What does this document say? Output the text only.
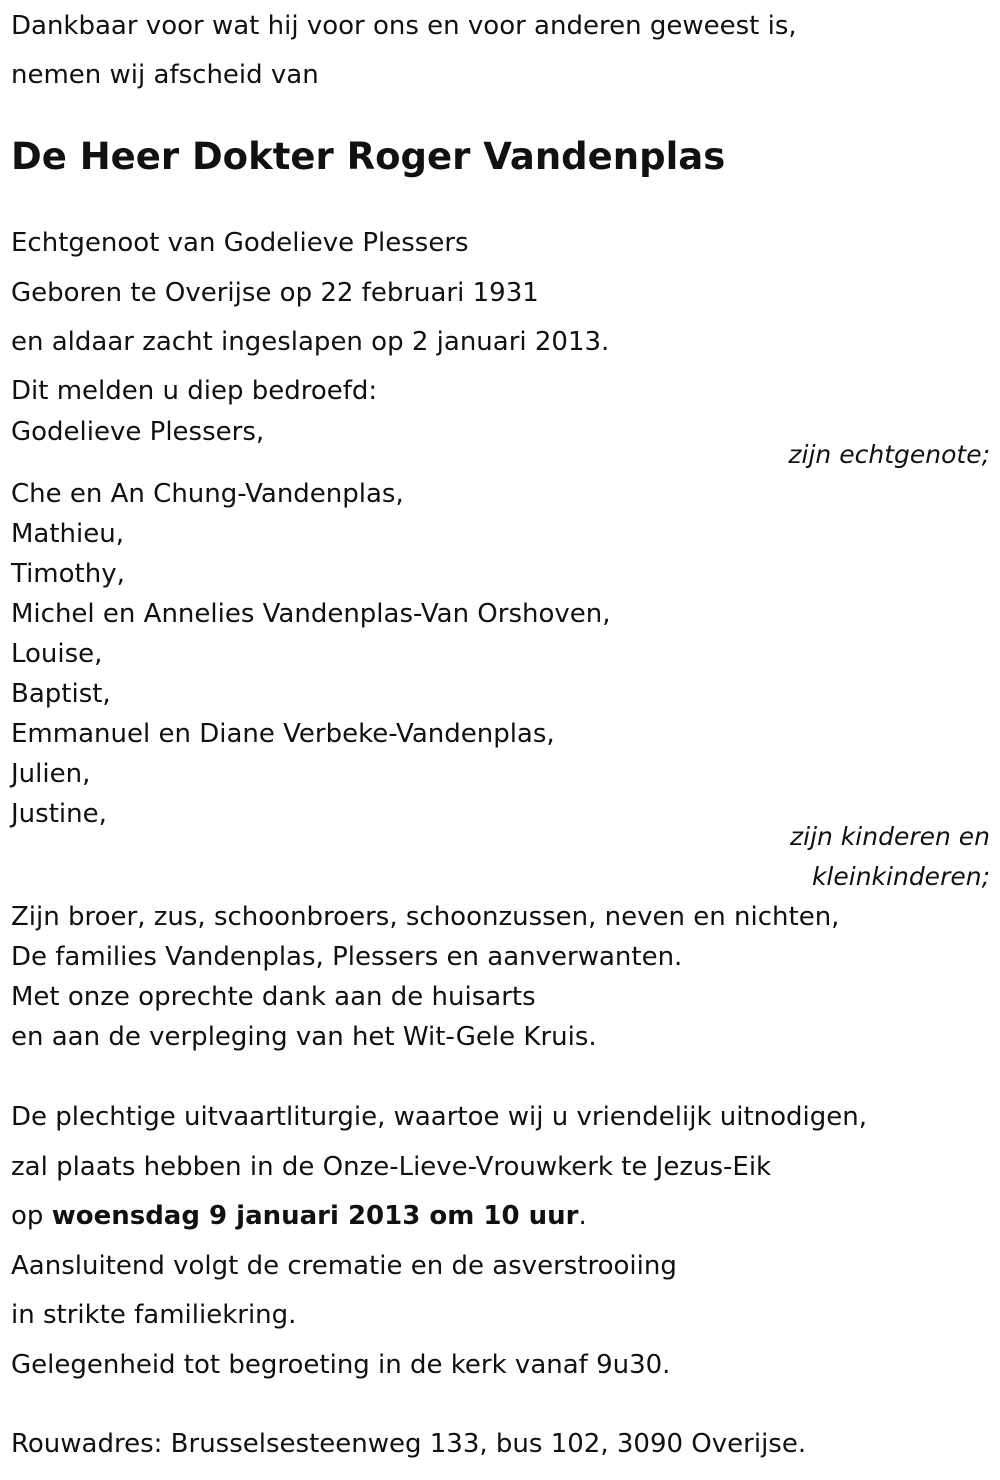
Dankbaar voor wat hij voor ons en voor anderen geweest is,
nemen wij afscheid van
De Heer Dokter Roger Vandenplas
Echtgenoot van Godelieve Plessers
Geboren te Overijse op 22 februari 1931
en aldaar zacht ingeslapen op 2 januari 2013.
Dit melden u diep bedroefd:
Godelieve Plessers,
zijn echtgenote;
Che en An Chung-Vandenplas,
Mathieu,
Timothy,
Michel en Annelies Vandenplas-Van Orshoven,
Louise,
Baptist,
Emmanuel en Diane Verbeke-Vandenplas,
Julien,
Justine,
zijn kinderen en
kleinkinderen;
Zijn broer, zus, schoonbroers, schoonzussen, neven en nichten,
De families Vandenplas, Plessers en aanverwanten.
Met onze oprechte dank aan de huisarts
en aan de verpleging van het Wit-Gele Kruis.
De plechtige uitvaartliturgie, waartoe wij u vriendelijk uitnodigen,
zal plaats hebben in de Onze-Lieve-Vrouwkerk te Jezus-Eik
op woensdag 9 januari 2013 om 10 uur.
Aansluitend volgt de crematie en de asverstrooiing
in strikte familiekring.
Gelegenheid tot begroeting in de kerk vanaf 9u30.
Rouwadres: Brusselsesteenweg 133, bus 102, 3090 Overijse.
